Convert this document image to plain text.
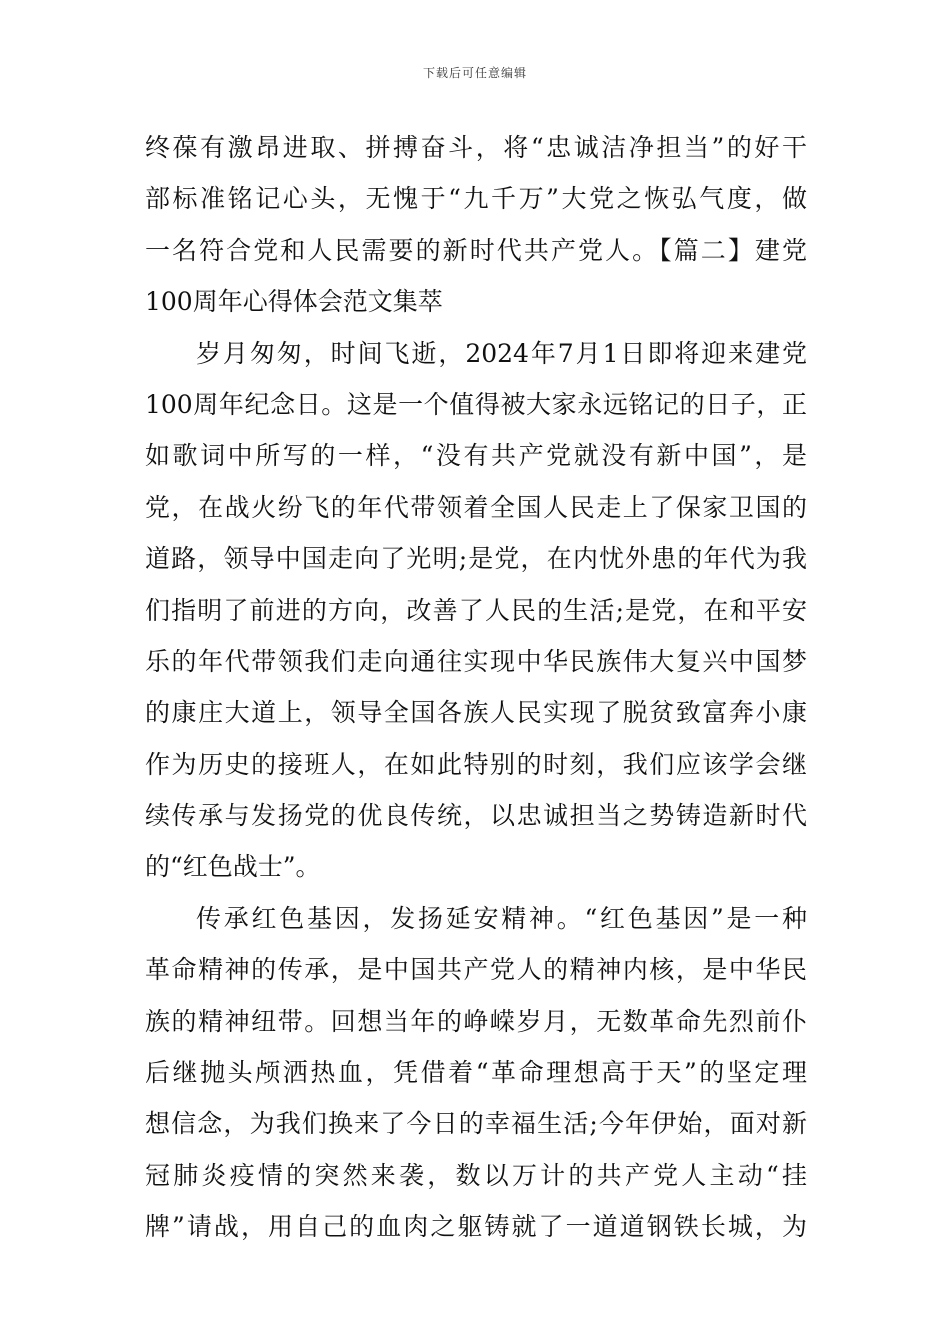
下载后可任意编辑

终葆有激昂进取、拼搏奋斗，将“忠诚洁净担当”的好干
部标准铭记心头，无愧于“九千万”大党之恢弘气度，做
一名符合党和人民需要的新时代共产党人。【篇二】建党
100周年心得体会范文集萃

岁月匆匆，时间飞逝，2024年7月1日即将迎来建党
100周年纪念日。这是一个值得被大家永远铭记的日子，正
如歌词中所写的一样，“没有共产党就没有新中国”，是
党，在战火纷飞的年代带领着全国人民走上了保家卫国的
道路，领导中国走向了光明;是党，在内忧外患的年代为我
们指明了前进的方向，改善了人民的生活;是党，在和平安
乐的年代带领我们走向通往实现中华民族伟大复兴中国梦
的康庄大道上，领导全国各族人民实现了脱贫致富奔小康
作为历史的接班人，在如此特别的时刻，我们应该学会继
续传承与发扬党的优良传统，以忠诚担当之势铸造新时代
的“红色战士”。

传承红色基因，发扬延安精神。“红色基因”是一种
革命精神的传承，是中国共产党人的精神内核，是中华民
族的精神纽带。回想当年的峥嵘岁月，无数革命先烈前仆
后继抛头颅洒热血，凭借着“革命理想高于天”的坚定理
想信念，为我们换来了今日的幸福生活;今年伊始，面对新
冠肺炎疫情的突然来袭，数以万计的共产党人主动“挂
牌”请战，用自己的血肉之躯铸就了一道道钢铁长城，为
